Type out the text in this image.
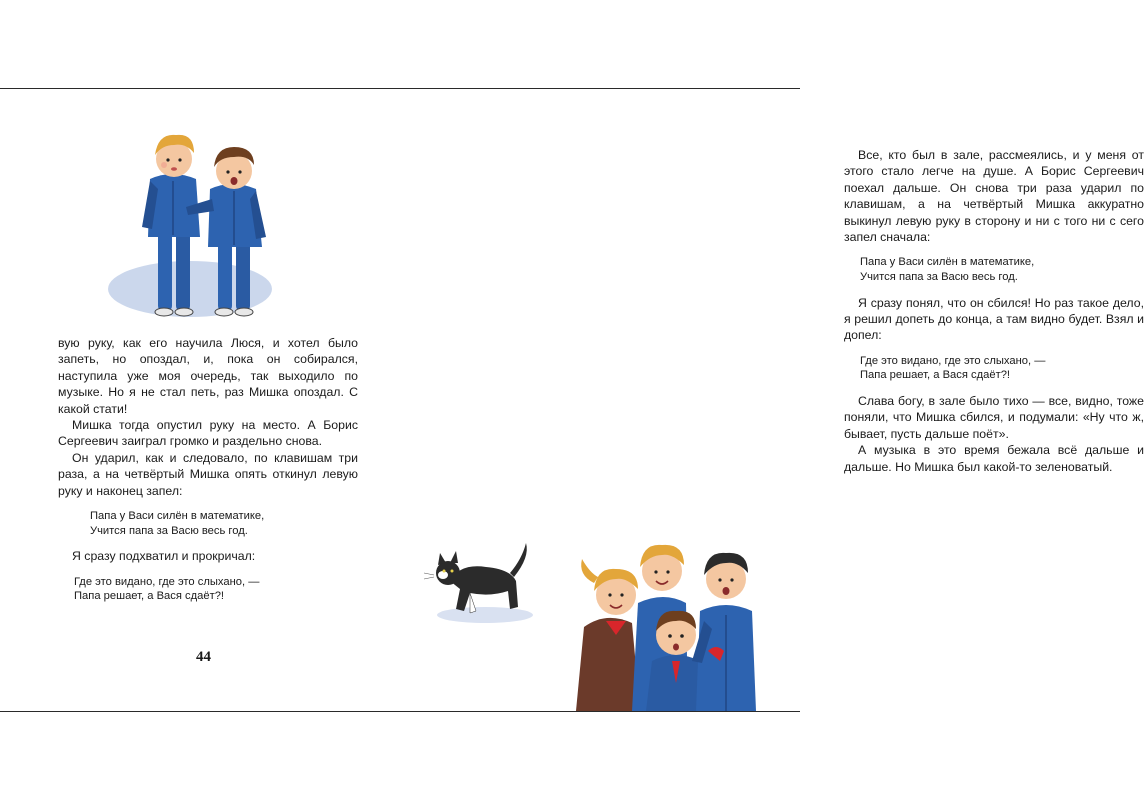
вую руку, как его научила Люся, и хотел было запеть, но опоздал, и, пока он собирался, наступила уже моя очередь, так выходило по музыке. Но я не стал петь, раз Мишка опоздал. С какой стати!

Мишка тогда опустил руку на место. А Борис Сергеевич заиграл громко и раздельно снова.

Он ударил, как и следовало, по клавишам три раза, а на четвёртый Мишка опять откинул левую руку и наконец запел:

Папа у Васи силён в математике,
Учится папа за Васю весь год.

Я сразу подхватил и прокричал:

Где это видано, где это слыхано, —
Папа решает, а Вася сдаёт?!
44

Все, кто был в зале, рассмеялись, и у меня от этого стало легче на душе. А Борис Сергеевич поехал дальше. Он снова три раза ударил по клавишам, а на четвёртый Мишка аккуратно выкинул левую руку в сторону и ни с того ни с сего запел сначала:

Папа у Васи силён в математике,
Учится папа за Васю весь год.

Я сразу понял, что он сбился! Но раз такое дело, я решил допеть до конца, а там видно будет. Взял и допел:

Где это видано, где это слыхано, —
Папа решает, а Вася сдаёт?!

Слава богу, в зале было тихо — все, видно, тоже поняли, что Мишка сбился, и подумали: «Ну что ж, бывает, пусть дальше поёт».

А музыка в это время бежала всё дальше и дальше. Но Мишка был какой-то зеленоватый.
